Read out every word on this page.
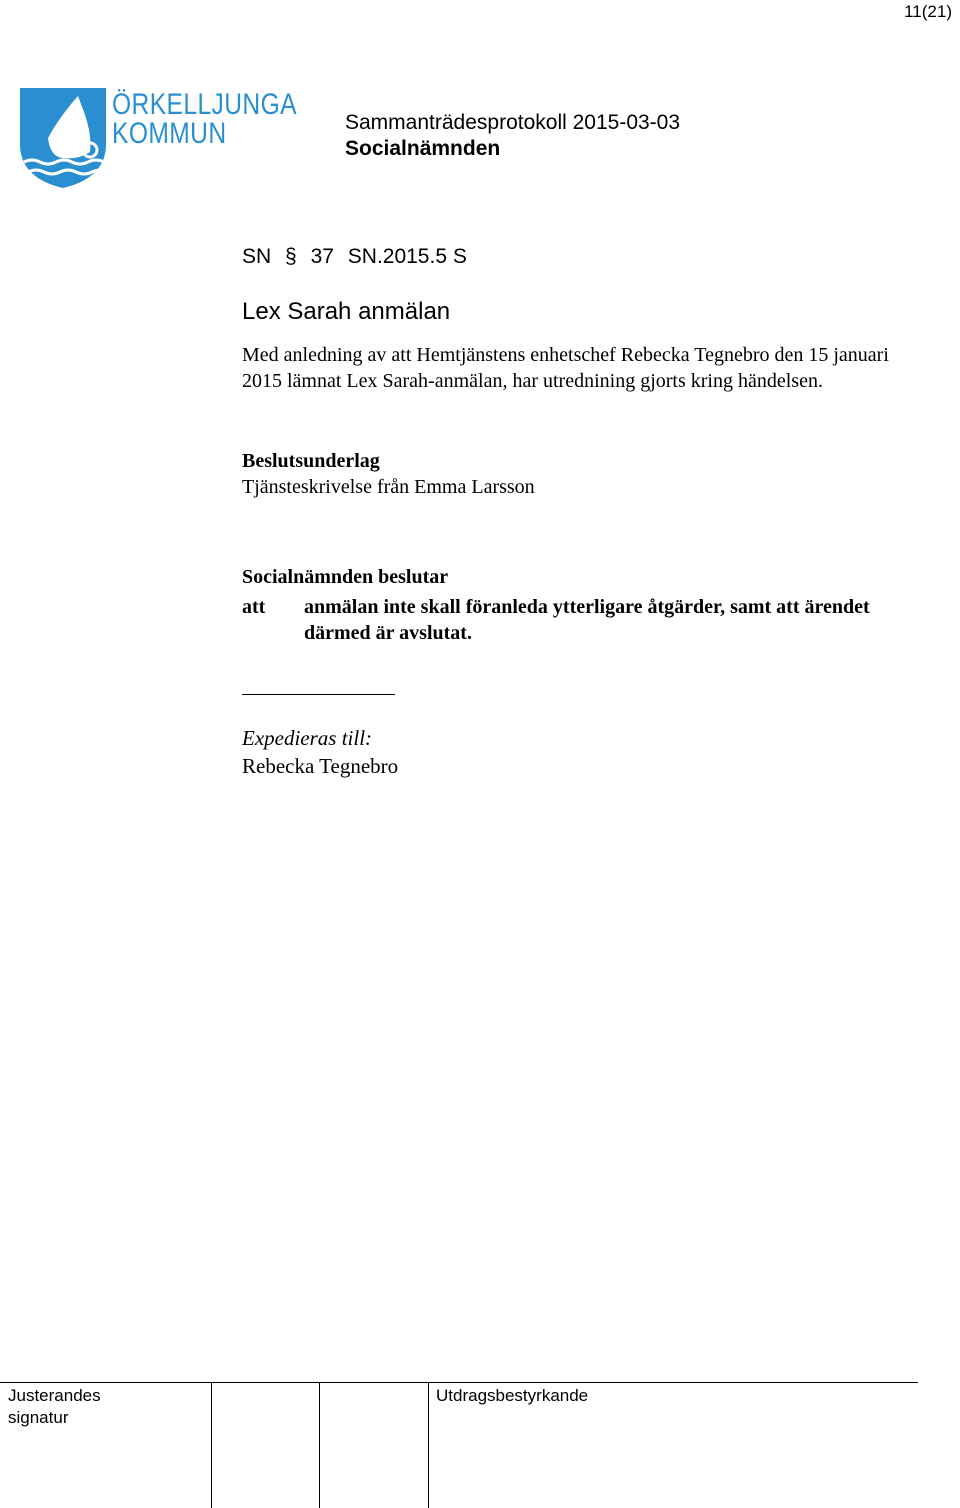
11(21)
ÖRKELLJUNGA
KOMMUN	Sammanträdesprotokoll 2015-03-03
Socialnämnden
SN § 37 SN.2015.5 S
Lex Sarah anmälan
Med anledning av att Hemtjänstens enhetschef Rebecka Tegnebro den 15 januari 2015 lämnat Lex Sarah-anmälan, har utrednining gjorts kring händelsen.
Beslutsunderlag
Tjänsteskrivelse från Emma Larsson
Socialnämnden beslutar
att anmälan inte skall föranleda ytterligare åtgärder, samt att ärendet därmed är avslutat.
Expedieras till:
Rebecka Tegnebro
Justerandes
signatur
Utdragsbestyrkande
